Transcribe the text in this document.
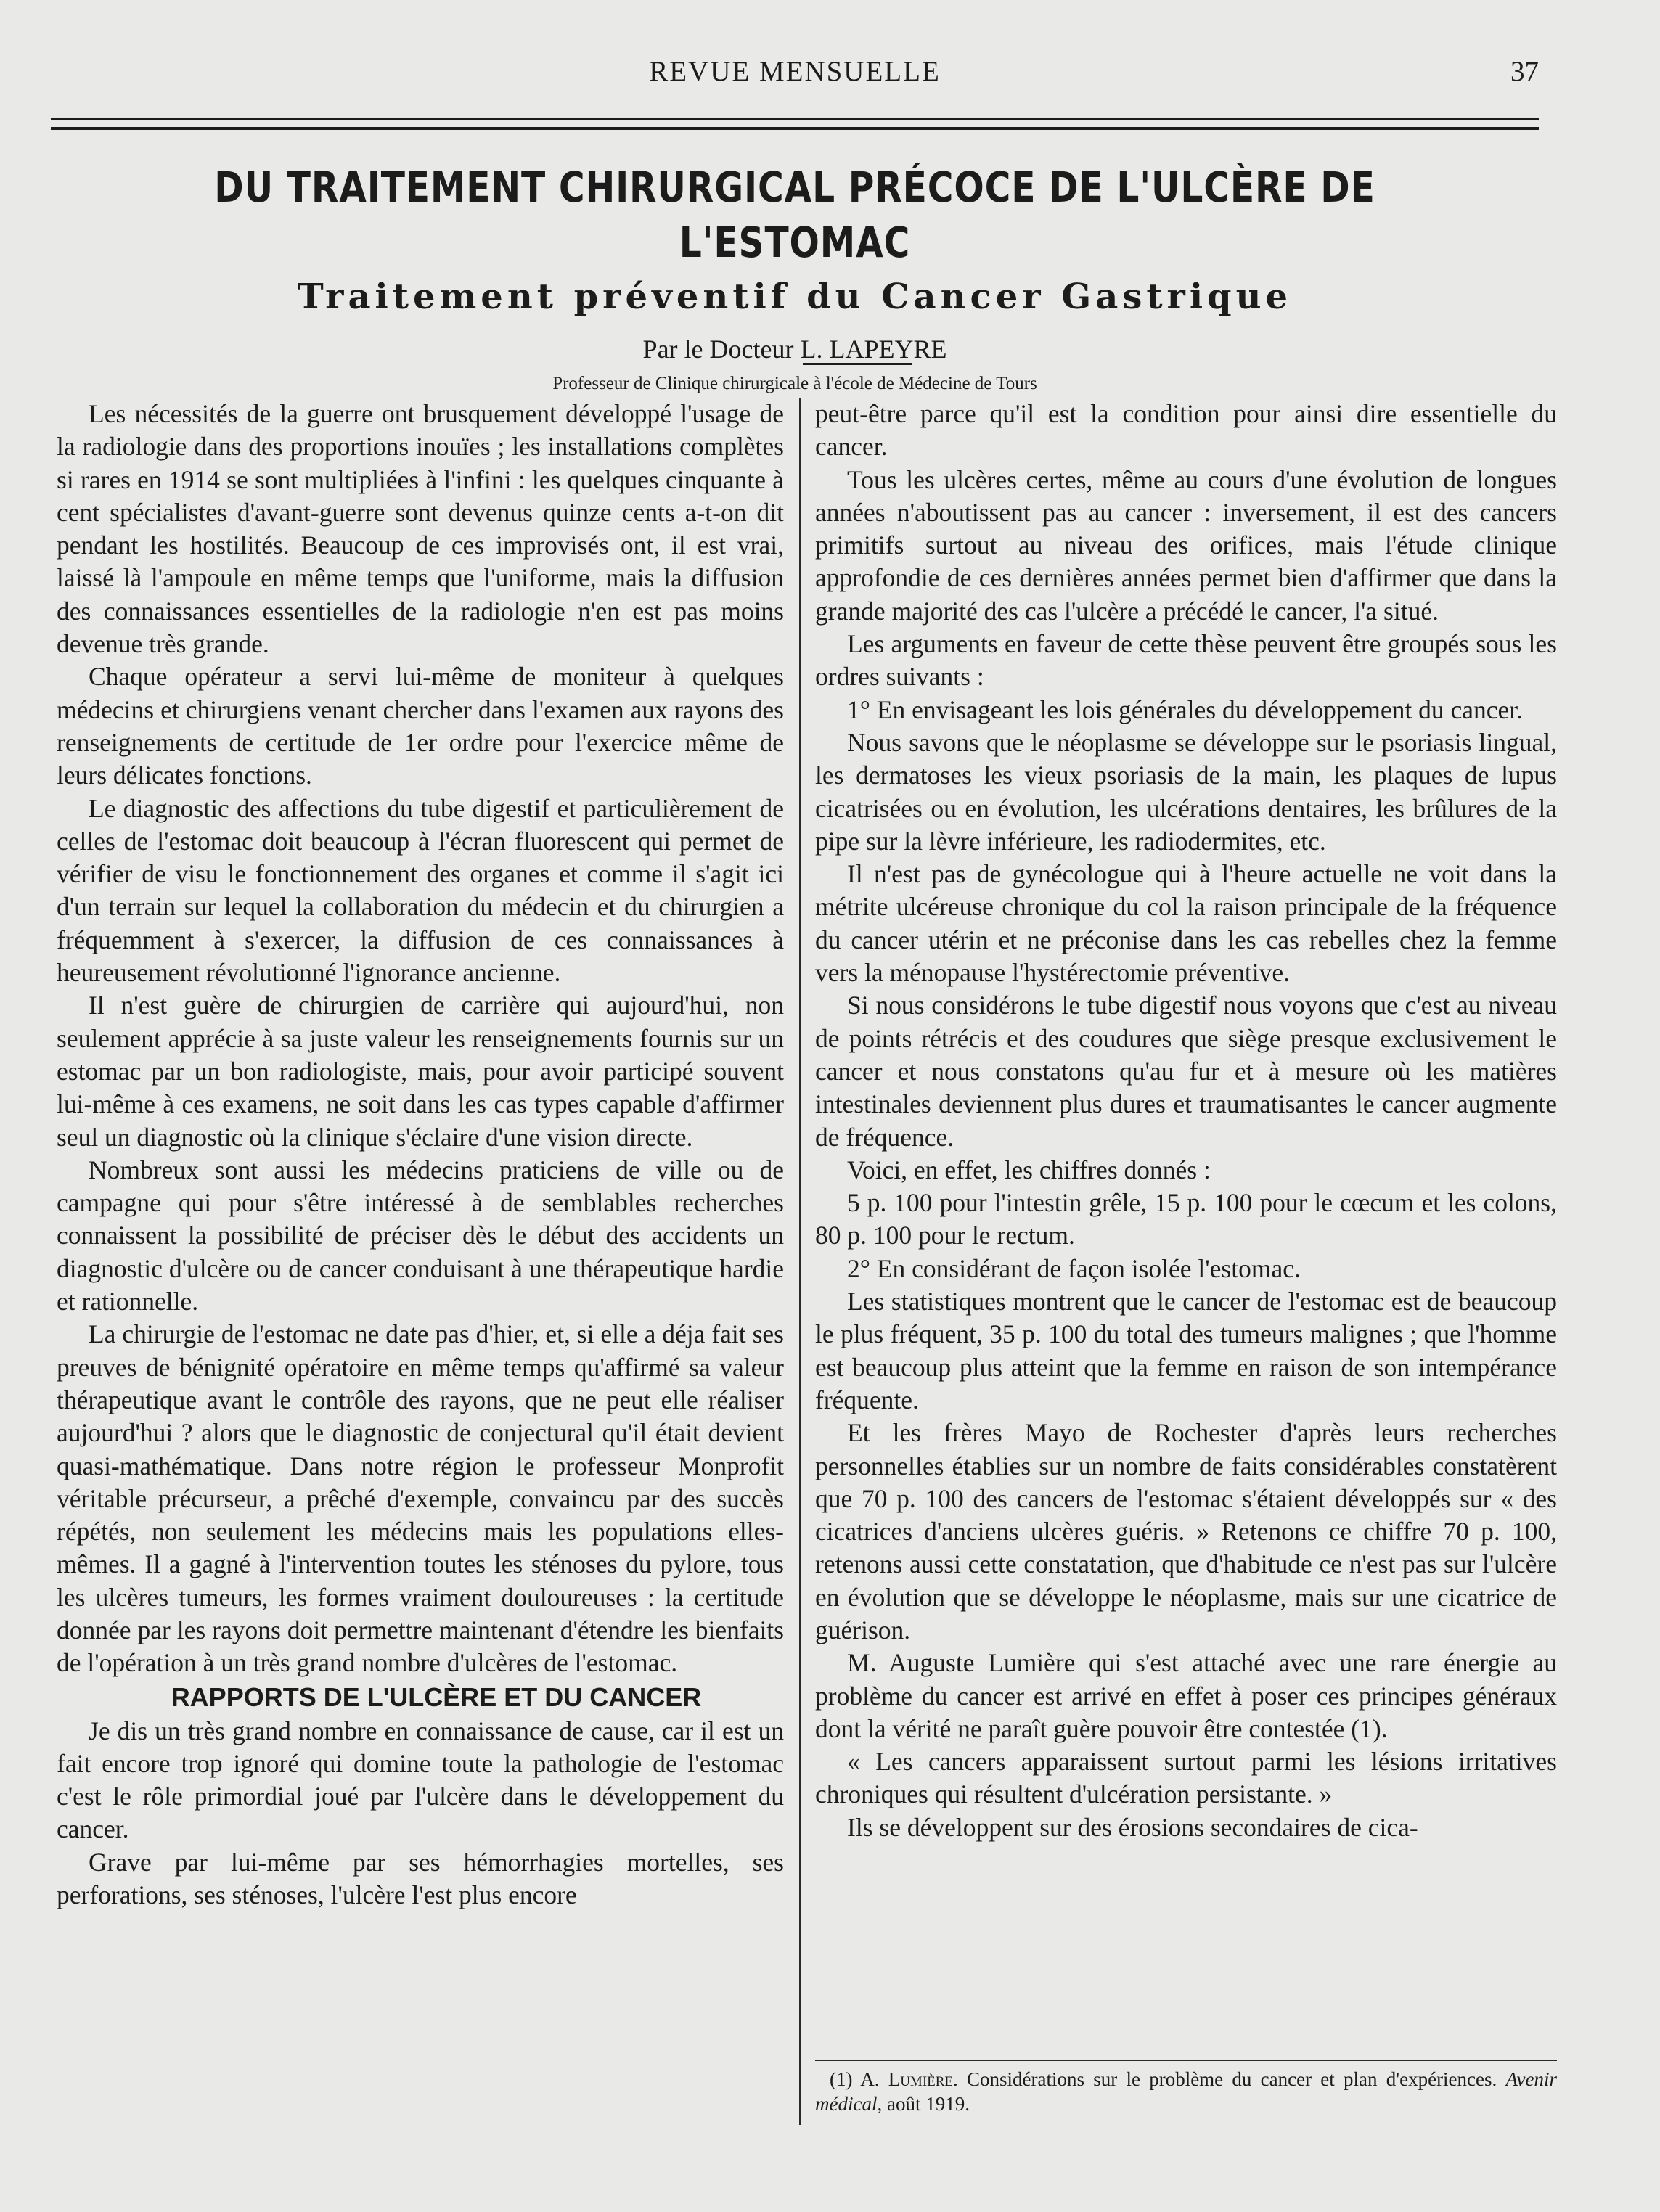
REVUE MENSUELLE	37
DU TRAITEMENT CHIRURGICAL PRÉCOCE DE L'ULCÈRE DE L'ESTOMAC
Traitement préventif du Cancer Gastrique
Par le Docteur L. LAPEYRE
Professeur de Clinique chirurgicale à l'école de Médecine de Tours

Les nécessités de la guerre ont brusquement développé l'usage de la radiologie dans des proportions inouïes ; les installations complètes si rares en 1914 se sont multipliées à l'infini : les quelques cinquante à cent spécialistes d'avant-guerre sont devenus quinze cents a-t-on dit pendant les hostilités. Beaucoup de ces improvisés ont, il est vrai, laissé là l'ampoule en même temps que l'uniforme, mais la diffusion des connaissances essentielles de la radiologie n'en est pas moins devenue très grande.

Chaque opérateur a servi lui-même de moniteur à quelques médecins et chirurgiens venant chercher dans l'examen aux rayons des renseignements de certitude de 1er ordre pour l'exercice même de leurs délicates fonctions.

Le diagnostic des affections du tube digestif et particulièrement de celles de l'estomac doit beaucoup à l'écran fluorescent qui permet de vérifier de visu le fonctionnement des organes et comme il s'agit ici d'un terrain sur lequel la collaboration du médecin et du chirurgien a fréquemment à s'exercer, la diffusion de ces connaissances à heureusement révolutionné l'ignorance ancienne.

Il n'est guère de chirurgien de carrière qui aujourd'hui, non seulement apprécie à sa juste valeur les renseignements fournis sur un estomac par un bon radiologiste, mais, pour avoir participé souvent lui-même à ces examens, ne soit dans les cas types capable d'affirmer seul un diagnostic où la clinique s'éclaire d'une vision directe.

Nombreux sont aussi les médecins praticiens de ville ou de campagne qui pour s'être intéressé à de semblables recherches connaissent la possibilité de préciser dès le début des accidents un diagnostic d'ulcère ou de cancer conduisant à une thérapeutique hardie et rationnelle.

La chirurgie de l'estomac ne date pas d'hier, et, si elle a déja fait ses preuves de bénignité opératoire en même temps qu'affirmé sa valeur thérapeutique avant le contrôle des rayons, que ne peut elle réaliser aujourd'hui ? alors que le diagnostic de conjectural qu'il était devient quasi-mathématique. Dans notre région le professeur Monprofit véritable précurseur, a prêché d'exemple, convaincu par des succès répétés, non seulement les médecins mais les populations elles-mêmes. Il a gagné à l'intervention toutes les sténoses du pylore, tous les ulcères tumeurs, les formes vraiment douloureuses : la certitude donnée par les rayons doit permettre maintenant d'étendre les bienfaits de l'opération à un très grand nombre d'ulcères de l'estomac.

RAPPORTS DE L'ULCÈRE ET DU CANCER

Je dis un très grand nombre en connaissance de cause, car il est un fait encore trop ignoré qui domine toute la pathologie de l'estomac c'est le rôle primordial joué par l'ulcère dans le développement du cancer.

Grave par lui-même par ses hémorrhagies mortelles, ses perforations, ses sténoses, l'ulcère l'est plus encore

peut-être parce qu'il est la condition pour ainsi dire essentielle du cancer.

Tous les ulcères certes, même au cours d'une évolution de longues années n'aboutissent pas au cancer : inversement, il est des cancers primitifs surtout au niveau des orifices, mais l'étude clinique approfondie de ces dernières années permet bien d'affirmer que dans la grande majorité des cas l'ulcère a précédé le cancer, l'a situé.

Les arguments en faveur de cette thèse peuvent être groupés sous les ordres suivants :

1° En envisageant les lois générales du développement du cancer.

Nous savons que le néoplasme se développe sur le psoriasis lingual, les dermatoses les vieux psoriasis de la main, les plaques de lupus cicatrisées ou en évolution, les ulcérations dentaires, les brûlures de la pipe sur la lèvre inférieure, les radiodermites, etc.

Il n'est pas de gynécologue qui à l'heure actuelle ne voit dans la métrite ulcéreuse chronique du col la raison principale de la fréquence du cancer utérin et ne préconise dans les cas rebelles chez la femme vers la ménopause l'hystérectomie préventive.

Si nous considérons le tube digestif nous voyons que c'est au niveau de points rétrécis et des coudures que siège presque exclusivement le cancer et nous constatons qu'au fur et à mesure où les matières intestinales deviennent plus dures et traumatisantes le cancer augmente de fréquence.

Voici, en effet, les chiffres donnés :

5 p. 100 pour l'intestin grêle, 15 p. 100 pour le cœcum et les colons, 80 p. 100 pour le rectum.

2° En considérant de façon isolée l'estomac.

Les statistiques montrent que le cancer de l'estomac est de beaucoup le plus fréquent, 35 p. 100 du total des tumeurs malignes ; que l'homme est beaucoup plus atteint que la femme en raison de son intempérance fréquente.

Et les frères Mayo de Rochester d'après leurs recherches personnelles établies sur un nombre de faits considérables constatèrent que 70 p. 100 des cancers de l'estomac s'étaient développés sur « des cicatrices d'anciens ulcères guéris. » Retenons ce chiffre 70 p. 100, retenons aussi cette constatation, que d'habitude ce n'est pas sur l'ulcère en évolution que se développe le néoplasme, mais sur une cicatrice de guérison.

M. Auguste Lumière qui s'est attaché avec une rare énergie au problème du cancer est arrivé en effet à poser ces principes généraux dont la vérité ne paraît guère pouvoir être contestée (1).

« Les cancers apparaissent surtout parmi les lésions irritatives chroniques qui résultent d'ulcération persistante. »

Ils se développent sur des érosions secondaires de cica-

(1) A. Lumière. Considérations sur le problème du cancer et plan d'expériences. Avenir médical, août 1919.
